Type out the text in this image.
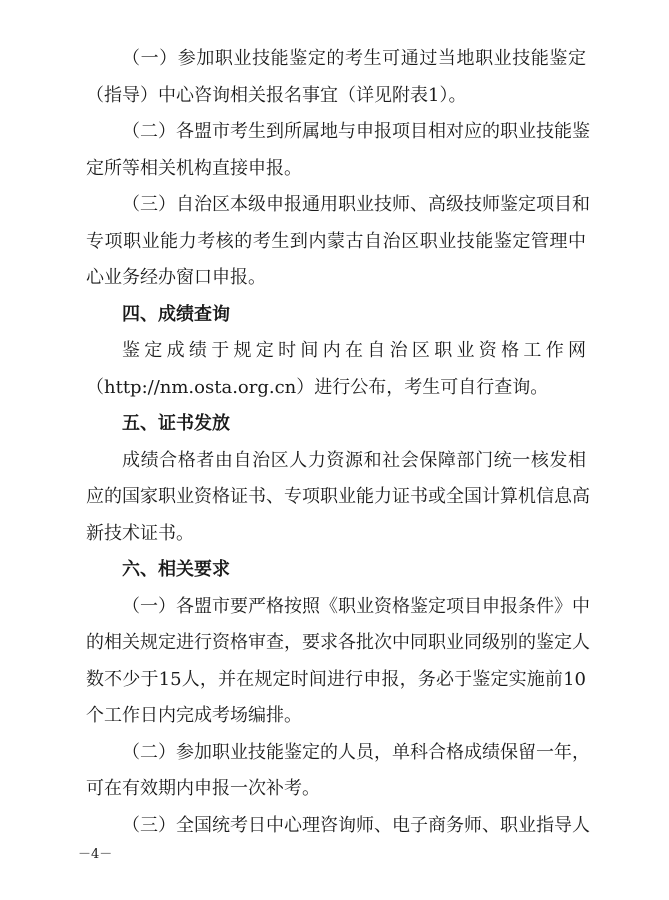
（一）参加职业技能鉴定的考生可通过当地职业技能鉴定
（指导）中心咨询相关报名事宜（详见附表1）。
（二）各盟市考生到所属地与申报项目相对应的职业技能鉴
定所等相关机构直接申报。
（三）自治区本级申报通用职业技师、高级技师鉴定项目和
专项职业能力考核的考生到内蒙古自治区职业技能鉴定管理中
心业务经办窗口申报。
四、成绩查询
鉴定成绩于规定时间内在自治区职业资格工作网
（http://nm.osta.org.cn）进行公布，考生可自行查询。
五、证书发放
成绩合格者由自治区人力资源和社会保障部门统一核发相
应的国家职业资格证书、专项职业能力证书或全国计算机信息高
新技术证书。
六、相关要求
（一）各盟市要严格按照《职业资格鉴定项目申报条件》中
的相关规定进行资格审查，要求各批次中同职业同级别的鉴定人
数不少于15人，并在规定时间进行申报，务必于鉴定实施前10
个工作日内完成考场编排。
（二）参加职业技能鉴定的人员，单科合格成绩保留一年，
可在有效期内申报一次补考。
（三）全国统考日中心理咨询师、电子商务师、职业指导人
－4－
